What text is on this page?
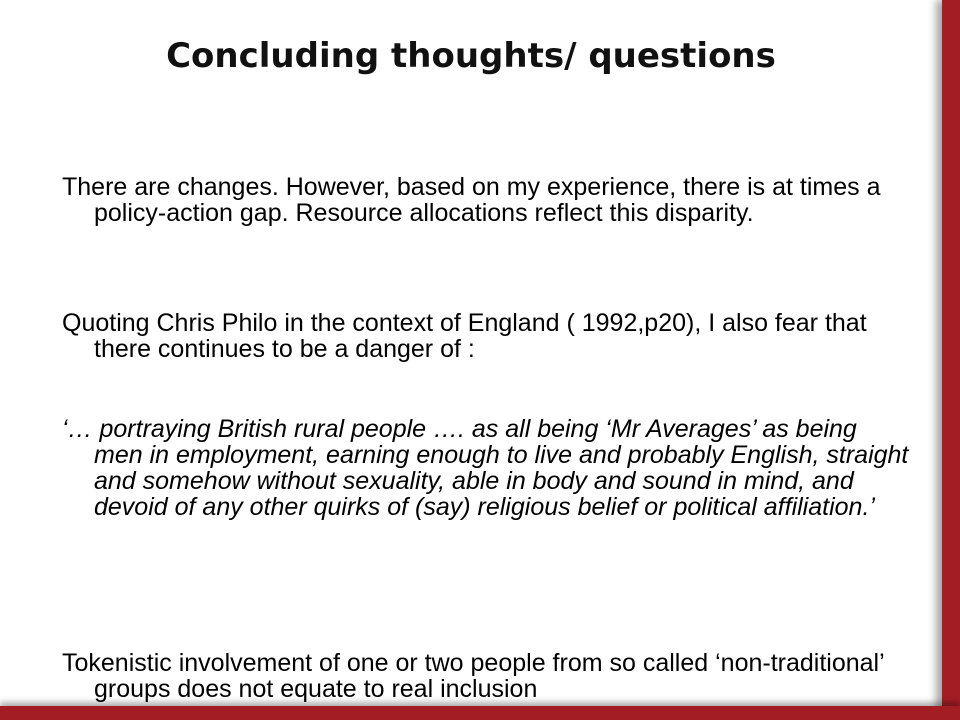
Concluding thoughts/ questions

There are changes. However, based on my experience, there is at times a policy-action gap. Resource allocations reflect this disparity.

Quoting Chris Philo in the context of England ( 1992,p20), I also fear that there continues to be a danger of :

‘… portraying British rural people …. as all being ‘Mr Averages’ as being men in employment, earning enough to live and probably English, straight and somehow without sexuality, able in body and sound in mind, and devoid of any other quirks of (say) religious belief or political affiliation.’

Tokenistic involvement of one or two people from so called ‘non-traditional’ groups does not equate to real inclusion
